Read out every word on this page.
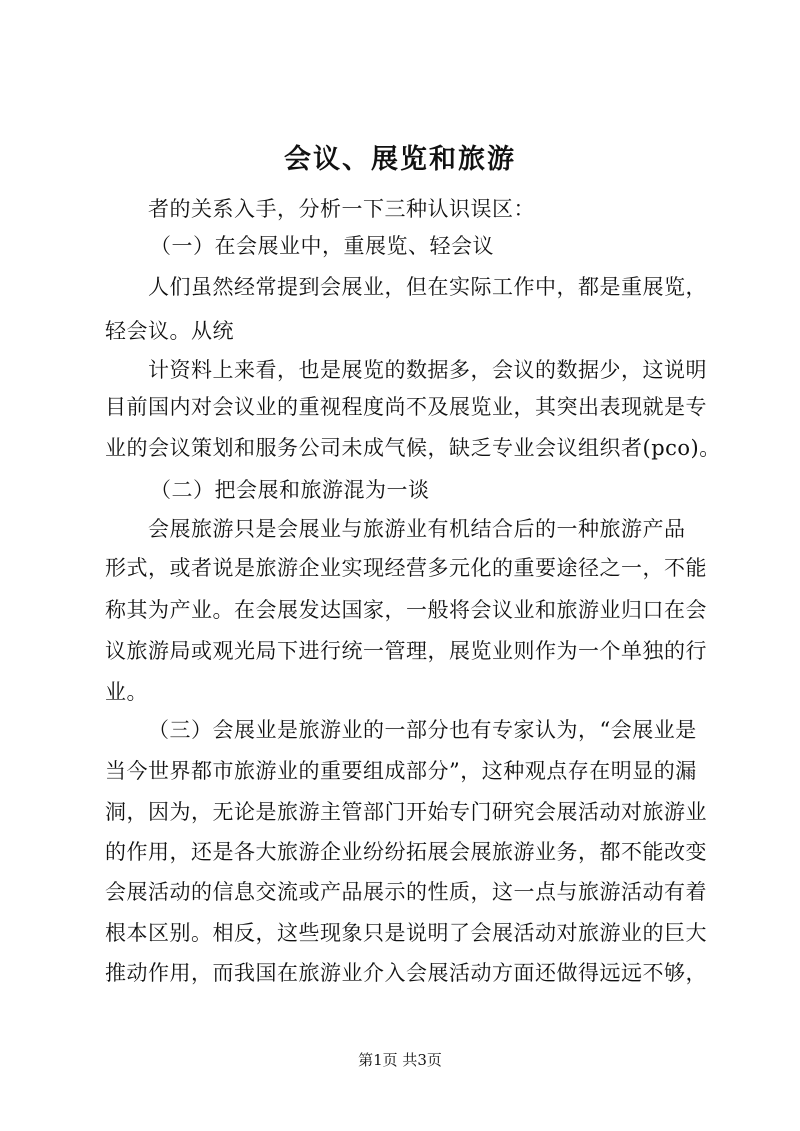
会议、展览和旅游
者的关系入手，分析一下三种认识误区：
（一）在会展业中，重展览、轻会议
人们虽然经常提到会展业，但在实际工作中，都是重展览，
轻会议。从统
计资料上来看，也是展览的数据多，会议的数据少，这说明
目前国内对会议业的重视程度尚不及展览业，其突出表现就是专
业的会议策划和服务公司未成气候，缺乏专业会议组织者(pco)。
（二）把会展和旅游混为一谈
会展旅游只是会展业与旅游业有机结合后的一种旅游产品
形式，或者说是旅游企业实现经营多元化的重要途径之一，不能
称其为产业。在会展发达国家，一般将会议业和旅游业归口在会
议旅游局或观光局下进行统一管理，展览业则作为一个单独的行
业。
（三）会展业是旅游业的一部分也有专家认为，“会展业是
当今世界都市旅游业的重要组成部分”，这种观点存在明显的漏
洞，因为，无论是旅游主管部门开始专门研究会展活动对旅游业
的作用，还是各大旅游企业纷纷拓展会展旅游业务，都不能改变
会展活动的信息交流或产品展示的性质，这一点与旅游活动有着
根本区别。相反，这些现象只是说明了会展活动对旅游业的巨大
推动作用，而我国在旅游业介入会展活动方面还做得远远不够，
第1页 共3页
